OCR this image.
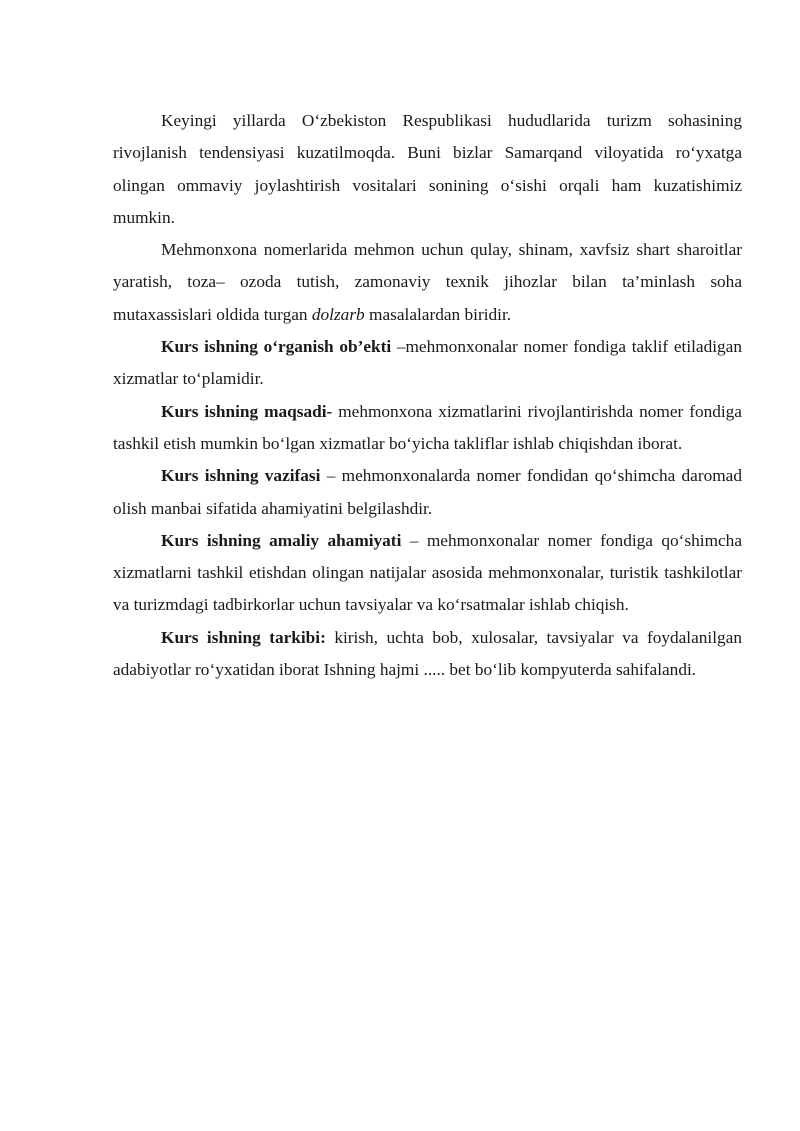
Keyingi yillarda O‘zbekiston Respublikasi hududlarida turizm sohasining rivojlanish tendensiyasi kuzatilmoqda. Buni bizlar Samarqand viloyatida ro‘yxatga olingan ommaviy joylashtirish vositalari sonining o‘sishi orqali ham kuzatishimiz mumkin.

Mehmonxona nomerlarida mehmon uchun qulay, shinam, xavfsiz shart sharoitlar yaratish, toza– ozoda tutish, zamonaviy texnik jihozlar bilan ta’minlash soha mutaxassislari oldida turgan dolzarb masalalardan biridir.

Kurs ishning o‘rganish ob’ekti –mehmonxonalar nomer fondiga taklif etiladigan xizmatlar to‘plamidir.

Kurs ishning maqsadi- mehmonxona xizmatlarini rivojlantirishda nomer fondiga tashkil etish mumkin bo‘lgan xizmatlar bo‘yicha takliflar ishlab chiqishdan iborat.

Kurs ishning vazifasi – mehmonxonalarda nomer fondidan qo‘shimcha daromad olish manbai sifatida ahamiyatini belgilashdir.

Kurs ishning amaliy ahamiyati – mehmonxonalar nomer fondiga qo‘shimcha xizmatlarni tashkil etishdan olingan natijalar asosida mehmonxonalar, turistik tashkilotlar va turizmdagi tadbirkorlar uchun tavsiyalar va ko‘rsatmalar ishlab chiqish.

Kurs ishning tarkibi: kirish, uchta bob, xulosalar, tavsiyalar va foydalanilgan adabiyotlar ro‘yxatidan iborat Ishning hajmi ..... bet bo‘lib kompyuterda sahifalandi.
